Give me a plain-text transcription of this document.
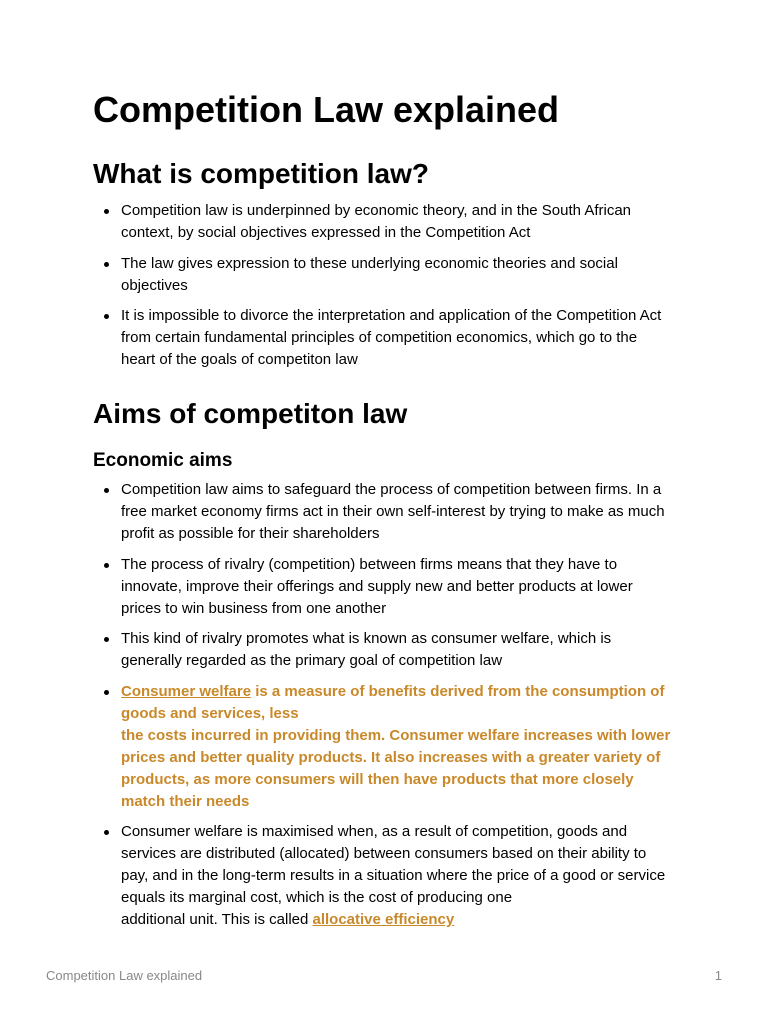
Competition Law explained
What is competition law?
Competition law is underpinned by economic theory, and in the South African context, by social objectives expressed in the Competition Act
The law gives expression to these underlying economic theories and social objectives
It is impossible to divorce the interpretation and application of the Competition Act from certain fundamental principles of competition economics, which go to the heart of the goals of competiton law
Aims of competiton law
Economic aims
Competition law aims to safeguard the process of competition between firms. In a free market economy firms act in their own self-interest by trying to make as much profit as possible for their shareholders
The process of rivalry (competition) between firms means that they have to innovate, improve their offerings and supply new and better products at lower prices to win business from one another
This kind of rivalry promotes what is known as consumer welfare, which is generally regarded as the primary goal of competition law
Consumer welfare is a measure of benefits derived from the consumption of goods and services, less
the costs incurred in providing them. Consumer welfare increases with lower prices and better quality products. It also increases with a greater variety of products, as more consumers will then have products that more closely match their needs
Consumer welfare is maximised when, as a result of competition, goods and services are distributed (allocated) between consumers based on their ability to pay, and in the long-term results in a situation where the price of a good or service equals its marginal cost, which is the cost of producing one
additional unit. This is called allocative efficiency
Competition Law explained	1
